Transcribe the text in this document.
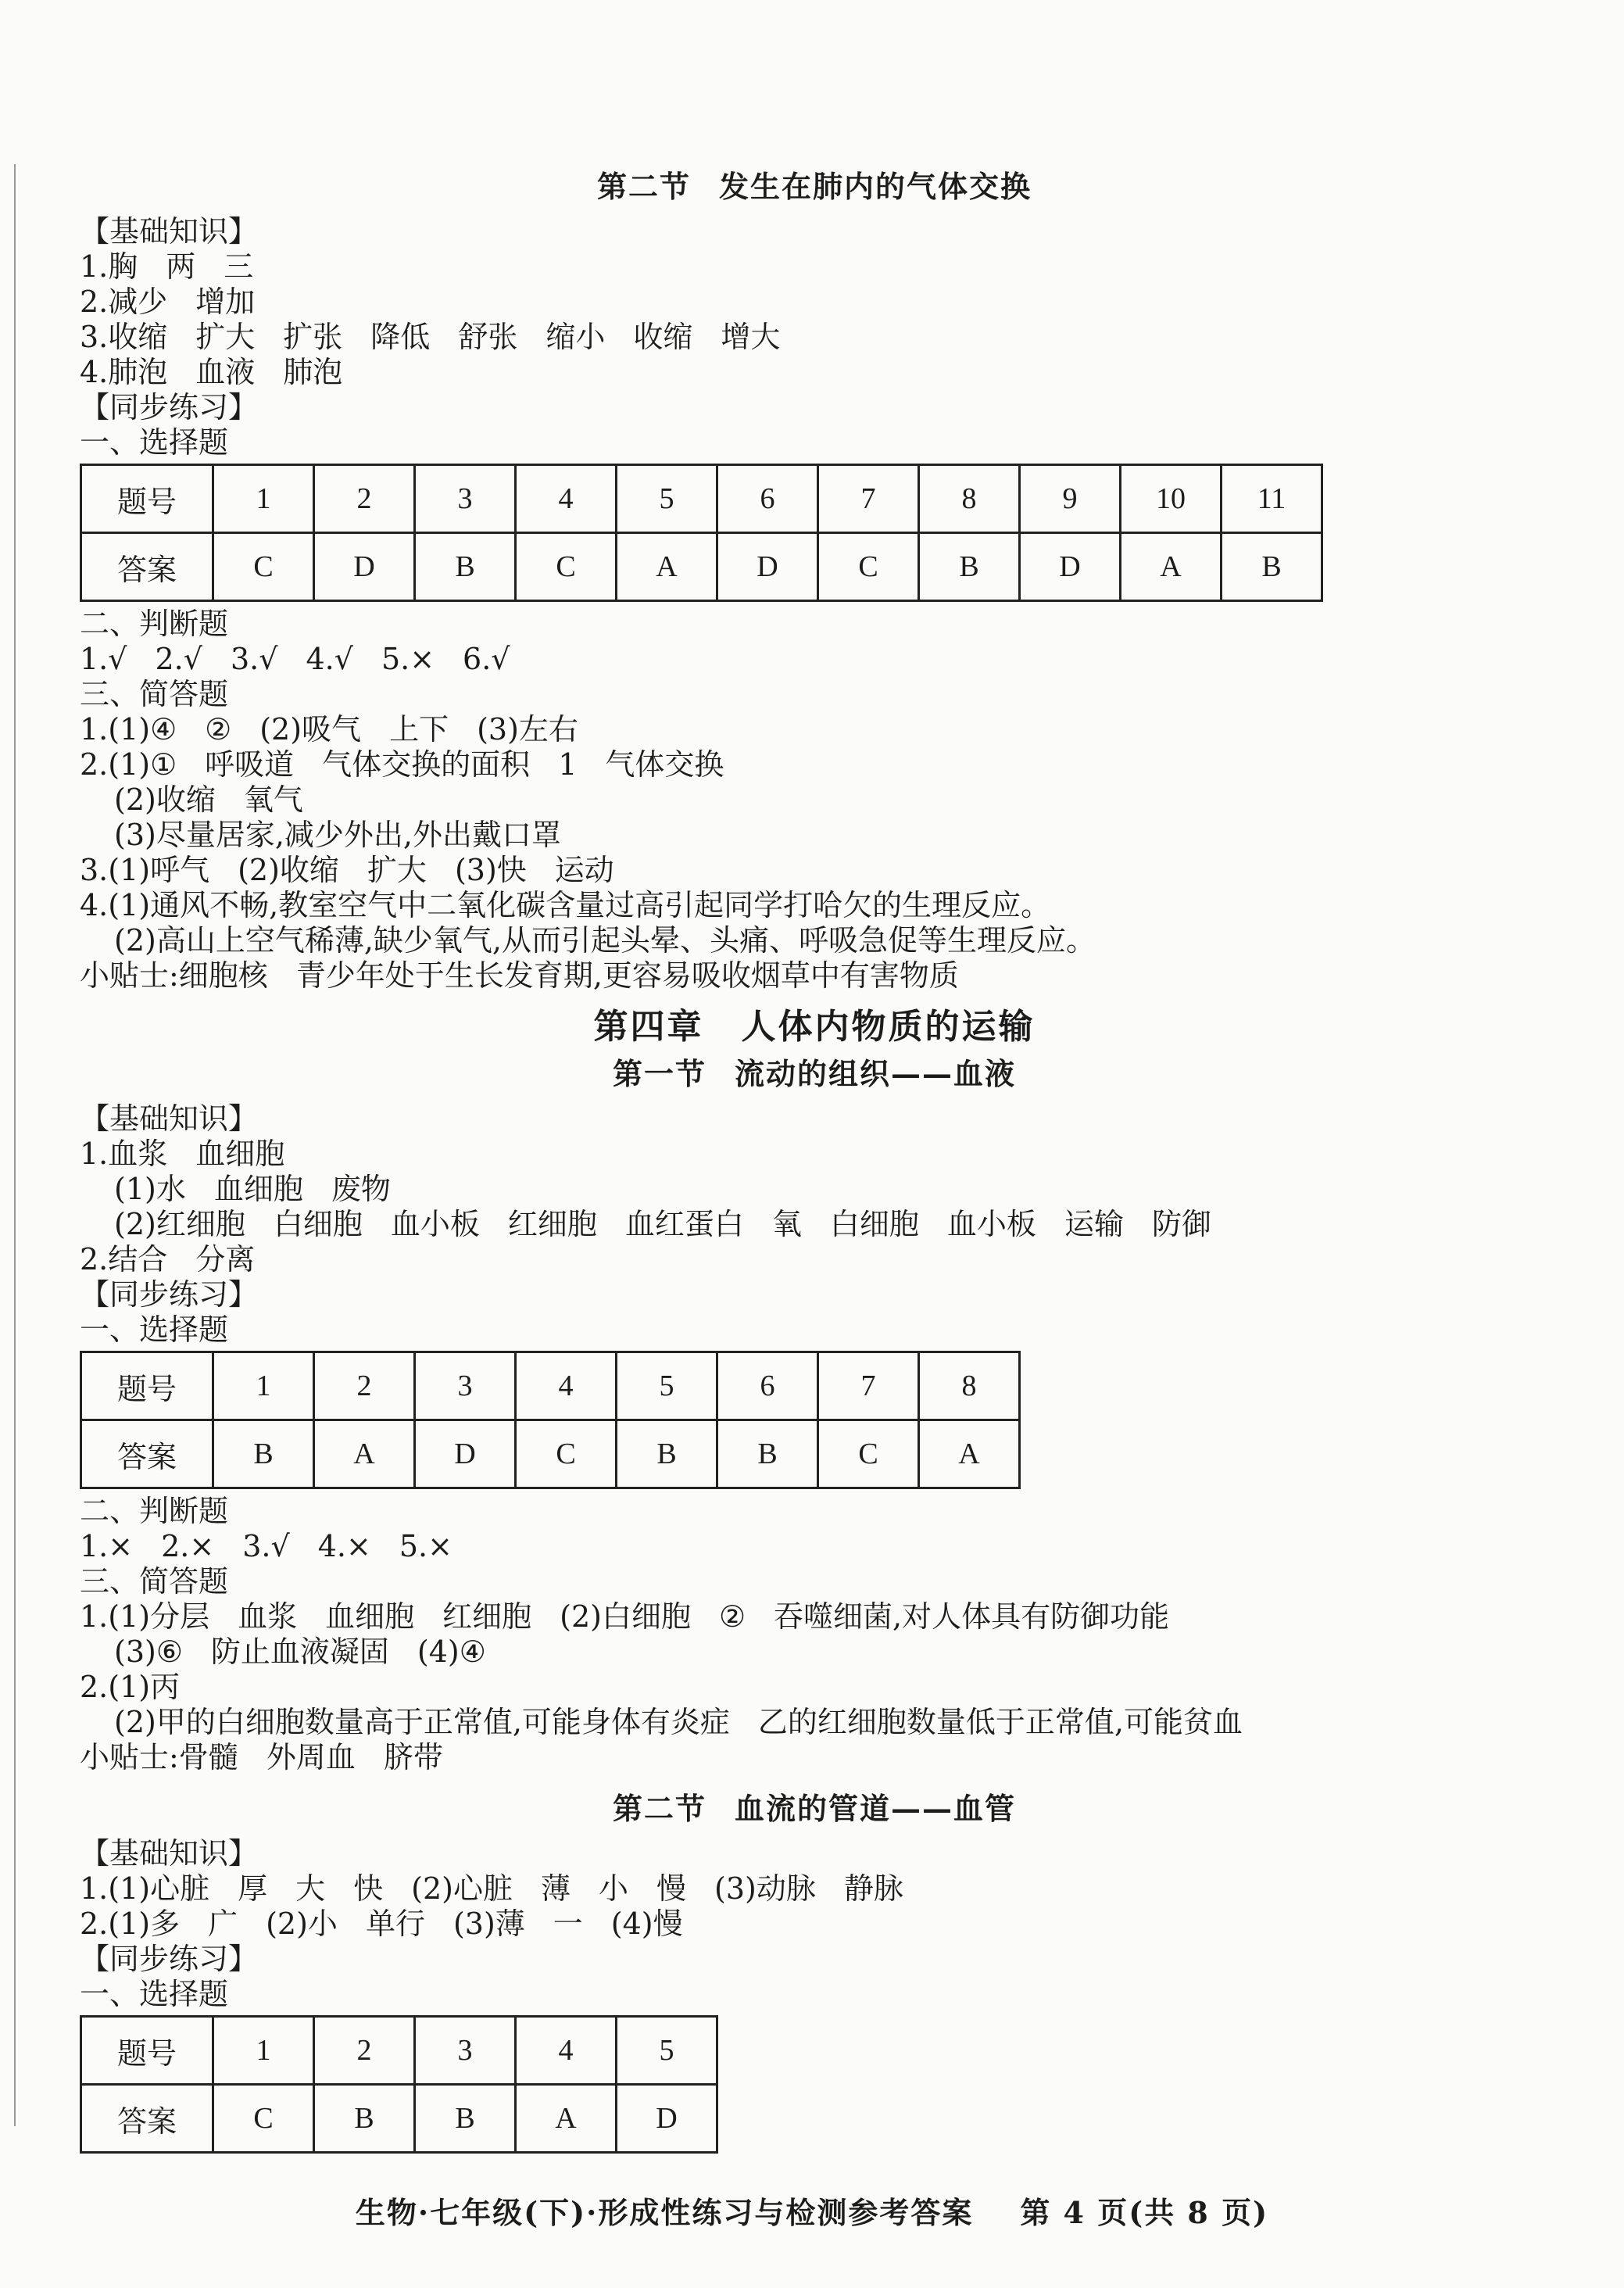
第二节 发生在肺内的气体交换
【基础知识】
1.胸 两 三
2.减少 增加
3.收缩 扩大 扩张 降低 舒张 缩小 收缩 增大
4.肺泡 血液 肺泡
【同步练习】
一、选择题
题号	1	2	3	4	5	6	7	8	9	10	11
答案	C	D	B	C	A	D	C	B	D	A	B
二、判断题
1.√ 2.√ 3.√ 4.√ 5.× 6.√
三、简答题
1.(1)④ ② (2)吸气 上下 (3)左右
2.(1)① 呼吸道 气体交换的面积 1 气体交换
(2)收缩 氧气
(3)尽量居家,减少外出,外出戴口罩
3.(1)呼气 (2)收缩 扩大 (3)快 运动
4.(1)通风不畅,教室空气中二氧化碳含量过高引起同学打哈欠的生理反应。
(2)高山上空气稀薄,缺少氧气,从而引起头晕、头痛、呼吸急促等生理反应。
小贴士:细胞核 青少年处于生长发育期,更容易吸收烟草中有害物质
第四章 人体内物质的运输
第一节 流动的组织——血液
【基础知识】
1.血浆 血细胞
(1)水 血细胞 废物
(2)红细胞 白细胞 血小板 红细胞 血红蛋白 氧 白细胞 血小板 运输 防御
2.结合 分离
【同步练习】
一、选择题
题号	1	2	3	4	5	6	7	8
答案	B	A	D	C	B	B	C	A
二、判断题
1.× 2.× 3.√ 4.× 5.×
三、简答题
1.(1)分层 血浆 血细胞 红细胞 (2)白细胞 ② 吞噬细菌,对人体具有防御功能
(3)⑥ 防止血液凝固 (4)④
2.(1)丙
(2)甲的白细胞数量高于正常值,可能身体有炎症 乙的红细胞数量低于正常值,可能贫血
小贴士:骨髓 外周血 脐带
第二节 血流的管道——血管
【基础知识】
1.(1)心脏 厚 大 快 (2)心脏 薄 小 慢 (3)动脉 静脉
2.(1)多 广 (2)小 单行 (3)薄 一 (4)慢
【同步练习】
一、选择题
题号	1	2	3	4	5
答案	C	B	B	A	D
生物·七年级(下)·形成性练习与检测参考答案 第 4 页(共 8 页)
